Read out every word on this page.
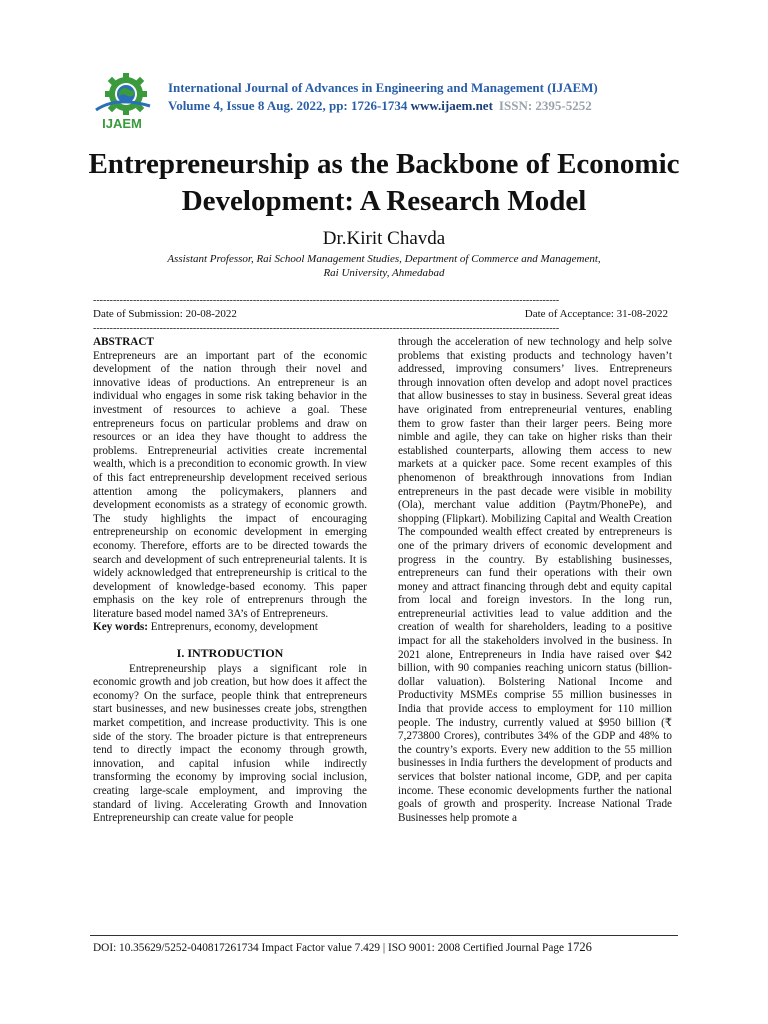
IJAEM
International Journal of Advances in Engineering and Management (IJAEM)
Volume 4, Issue 8 Aug. 2022, pp: 1726-1734 www.ijaem.net ISSN: 2395-5252
Entrepreneurship as the Backbone of Economic Development: A Research Model
Dr.Kirit Chavda
Assistant Professor, Rai School Management Studies, Department of Commerce and Management,
Rai University, Ahmedabad
--------------------------------------------------------------------------------------------------------------------------------------------
Date of Submission: 20-08-2022	Date of Acceptance: 31-08-2022
--------------------------------------------------------------------------------------------------------------------------------------------
ABSTRACT

Entrepreneurs are an important part of the economic development of the nation through their novel and innovative ideas of productions. An entrepreneur is an individual who engages in some risk taking behavior in the investment of resources to achieve a goal. These entrepreneurs focus on particular problems and draw on resources or an idea they have thought to address the problems. Entrepreneurial activities create incremental wealth, which is a precondition to economic growth. In view of this fact entrepreneurship development received serious attention among the policymakers, planners and development economists as a strategy of economic growth. The study highlights the impact of encouraging entrepreneurship on economic development in emerging economy. Therefore, efforts are to be directed towards the search and development of such entrepreneurial talents. It is widely acknowledged that entrepreneurship is critical to the development of knowledge-based economy. This paper emphasis on the key role of entreprenurs through the literature based model named 3A’s of Entrepreneurs.

Key words: Entreprenurs, economy, development

I. INTRODUCTION

Entrepreneurship plays a significant role in economic growth and job creation, but how does it affect the economy? On the surface, people think that entrepreneurs start businesses, and new businesses create jobs, strengthen market competition, and increase productivity. This is one side of the story. The broader picture is that entrepreneurs tend to directly impact the economy through growth, innovation, and capital infusion while indirectly transforming the economy by improving social inclusion, creating large-scale employment, and improving the standard of living. Accelerating Growth and Innovation Entrepreneurship can create value for people

through the acceleration of new technology and help solve problems that existing products and technology haven’t addressed, improving consumers’ lives. Entrepreneurs through innovation often develop and adopt novel practices that allow businesses to stay in business. Several great ideas have originated from entrepreneurial ventures, enabling them to grow faster than their larger peers. Being more nimble and agile, they can take on higher risks than their established counterparts, allowing them access to new markets at a quicker pace. Some recent examples of this phenomenon of breakthrough innovations from Indian entrepreneurs in the past decade were visible in mobility (Ola), merchant value addition (Paytm/PhonePe), and shopping (Flipkart). Mobilizing Capital and Wealth Creation The compounded wealth effect created by entrepreneurs is one of the primary drivers of economic development and progress in the country. By establishing businesses, entrepreneurs can fund their operations with their own money and attract financing through debt and equity capital from local and foreign investors. In the long run, entrepreneurial activities lead to value addition and the creation of wealth for shareholders, leading to a positive impact for all the stakeholders involved in the business. In 2021 alone, Entrepreneurs in India have raised over $42 billion, with 90 companies reaching unicorn status (billion-dollar valuation). Bolstering National Income and Productivity MSMEs comprise 55 million businesses in India that provide access to employment for 110 million people. The industry, currently valued at $950 billion (₹ 7,273800 Crores), contributes 34% of the GDP and 48% to the country’s exports. Every new addition to the 55 million businesses in India furthers the development of products and services that bolster national income, GDP, and per capita income. These economic developments further the national goals of growth and prosperity. Increase National Trade Businesses help promote a

DOI: 10.35629/5252-040817261734 Impact Factor value 7.429 | ISO 9001: 2008 Certified Journal Page 1726
